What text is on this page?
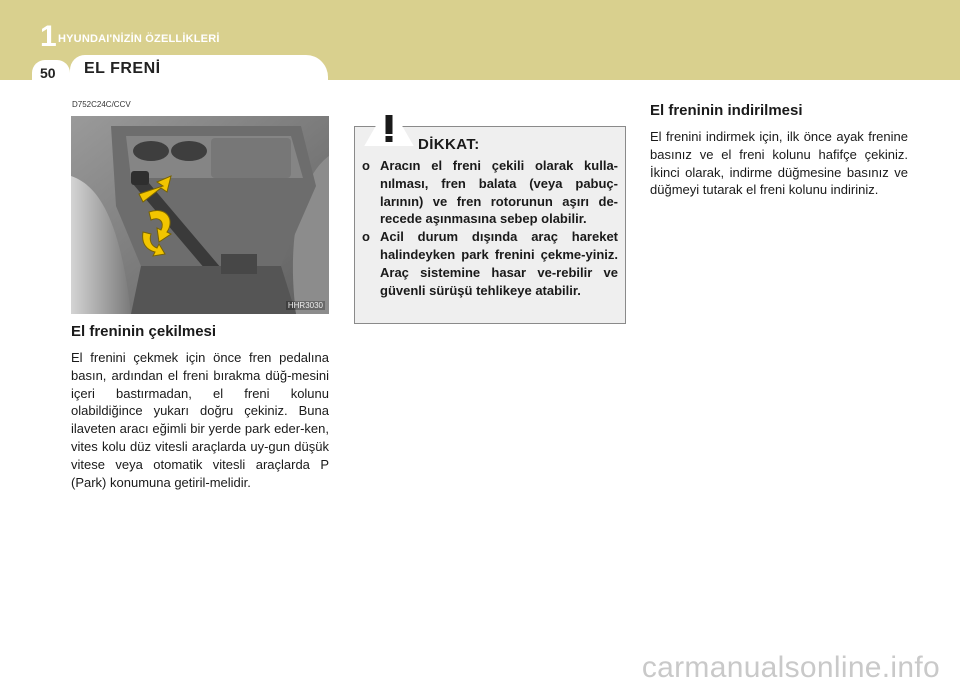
1 HYUNDAI'NİZİN ÖZELLİKLERİ
50 EL FRENİ
D752C24C/CCV
HHR3030
El freninin çekilmesi
El frenini çekmek için önce fren pedalına basın, ardından el freni bırakma düğ-mesini içeri bastırmadan, el freni kolunu olabildiğince yukarı doğru çekiniz. Buna ilaveten aracı eğimli bir yerde park eder-ken, vites kolu düz vitesli araçlarda uy-gun düşük vitese veya otomatik vitesli araçlarda P (Park) konumuna getiril-melidir.
DİKKAT:
o Aracın el freni çekili olarak kulla-nılması, fren balata (veya pabuç-larının) ve fren rotorunun aşırı de-recede aşınmasına sebep olabilir.
o Acil durum dışında araç hareket halindeyken park frenini çekme-yiniz. Araç sistemine hasar ve-rebilir ve güvenli sürüşü tehlikeye atabilir.
El freninin indirilmesi
El frenini indirmek için, ilk önce ayak frenine basınız ve el freni kolunu hafifçe çekiniz. İkinci olarak, indirme düğmesine basınız ve düğmeyi tutarak el freni kolunu indiriniz.
carmanualsonline.info
